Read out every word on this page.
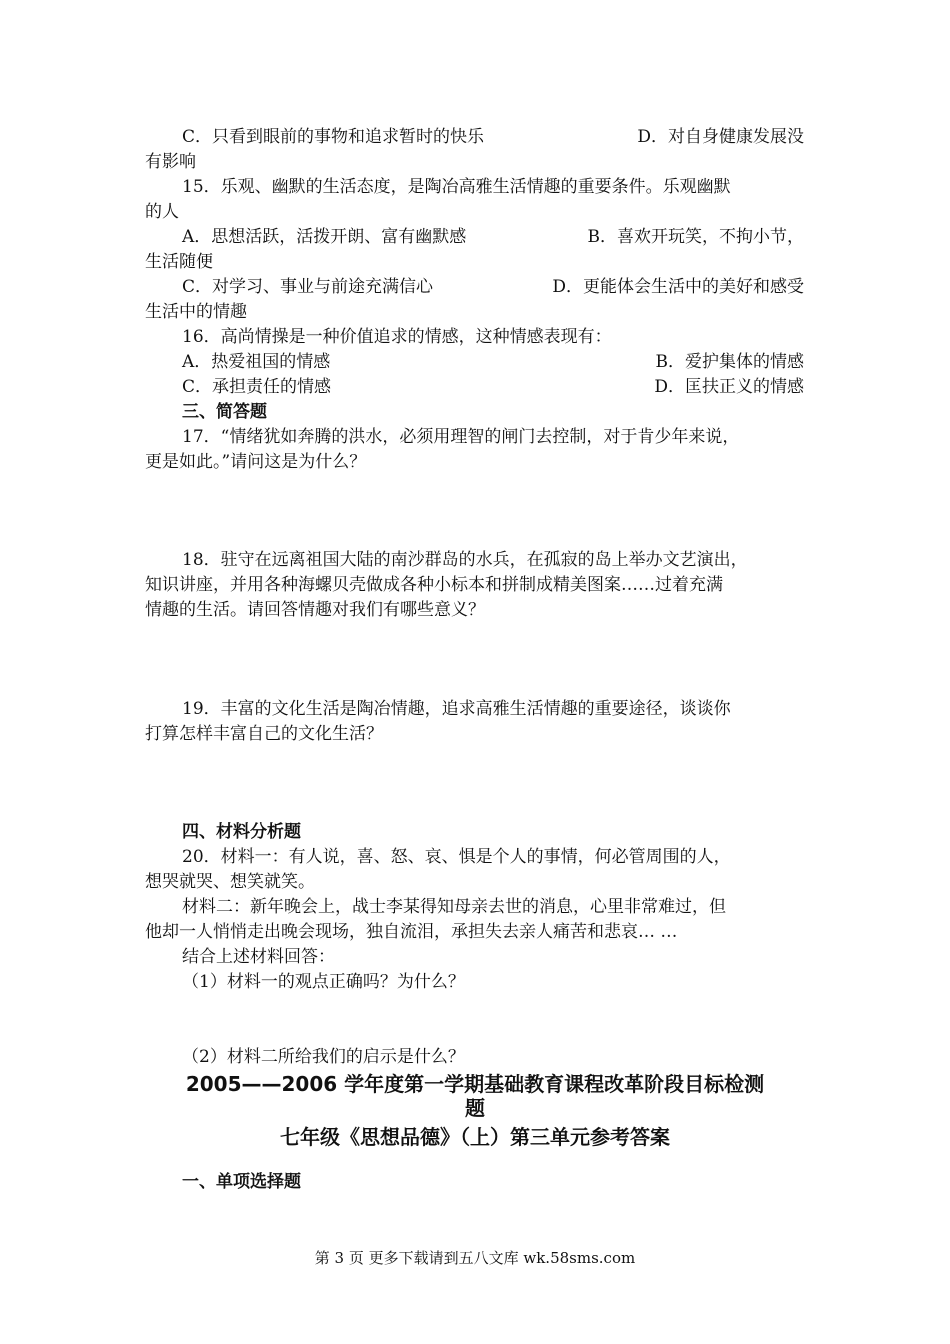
C．只看到眼前的事物和追求暂时的快乐	D．对自身健康发展没
有影响
15．乐观、幽默的生活态度，是陶冶高雅生活情趣的重要条件。乐观幽默
的人
A．思想活跃，活拨开朗、富有幽默感	B．喜欢开玩笑，不拘小节，
生活随便
C．对学习、事业与前途充满信心	D．更能体会生活中的美好和感受
生活中的情趣
16．高尚情操是一种价值追求的情感，这种情感表现有：
A．热爱祖国的情感	B．爱护集体的情感
C．承担责任的情感	D．匡扶正义的情感
三、简答题
17．“情绪犹如奔腾的洪水，必须用理智的闸门去控制，对于肯少年来说，
更是如此。”请问这是为什么？
18．驻守在远离祖国大陆的南沙群岛的水兵，在孤寂的岛上举办文艺演出，
知识讲座，并用各种海螺贝壳做成各种小标本和拼制成精美图案……过着充满
情趣的生活。请回答情趣对我们有哪些意义？
19．丰富的文化生活是陶冶情趣，追求高雅生活情趣的重要途径，谈谈你
打算怎样丰富自己的文化生活？
四、材料分析题
20．材料一：有人说，喜、怒、哀、惧是个人的事情，何必管周围的人，
想哭就哭、想笑就笑。
材料二：新年晚会上，战士李某得知母亲去世的消息，心里非常难过，但
他却一人悄悄走出晚会现场，独自流泪，承担失去亲人痛苦和悲哀… …
结合上述材料回答：
（1）材料一的观点正确吗？为什么？
（2）材料二所给我们的启示是什么？
2005——2006 学年度第一学期基础教育课程改革阶段目标检测
题
七年级《思想品德》（上）第三单元参考答案
一、单项选择题
第 3 页 更多下载请到五八文库 wk.58sms.com
